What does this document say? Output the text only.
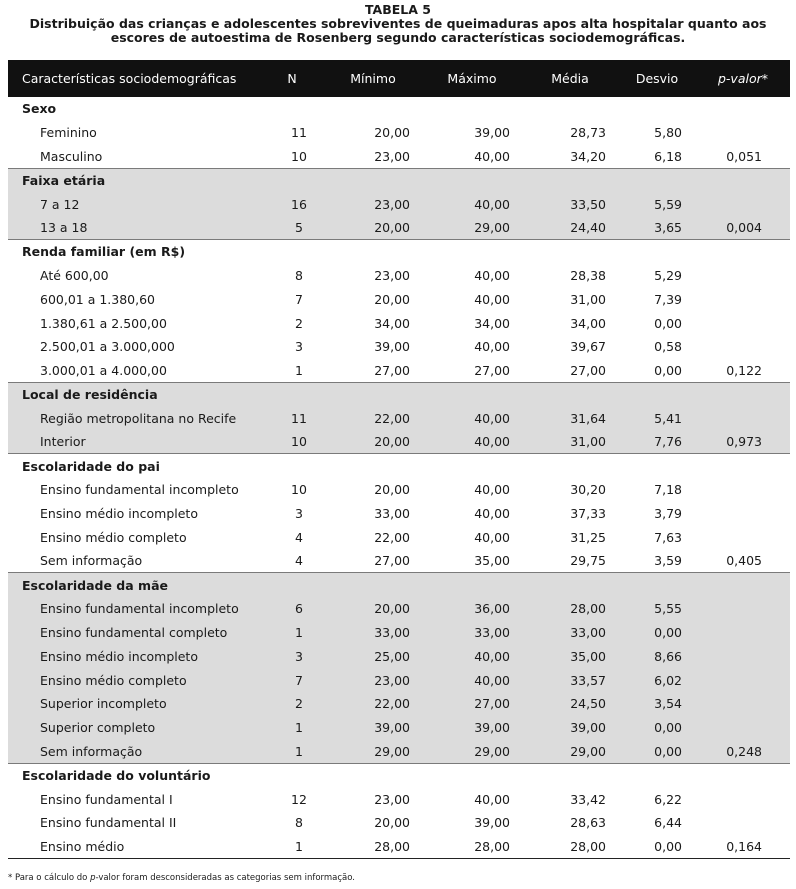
TABELA 5
Distribuição das crianças e adolescentes sobreviventes de queimaduras apos alta hospitalar quanto aos escores de autoestima de Rosenberg segundo características sociodemográficas.
Características sociodemográficas	N	Mínimo	Máximo	Média	Desvio	p-valor*
Sexo						
Feminino	11	20,00	39,00	28,73	5,80	
Masculino	10	23,00	40,00	34,20	6,18	0,051
Faixa etária						
7 a 12	16	23,00	40,00	33,50	5,59	
13 a 18	5	20,00	29,00	24,40	3,65	0,004
Renda familiar (em R$)						
Até 600,00	8	23,00	40,00	28,38	5,29	
600,01 a 1.380,60	7	20,00	40,00	31,00	7,39	
1.380,61 a 2.500,00	2	34,00	34,00	34,00	0,00	
2.500,01 a 3.000,000	3	39,00	40,00	39,67	0,58	
3.000,01 a 4.000,00	1	27,00	27,00	27,00	0,00	0,122
Local de residência						
Região metropolitana no Recife	11	22,00	40,00	31,64	5,41	
Interior	10	20,00	40,00	31,00	7,76	0,973
Escolaridade do pai						
Ensino fundamental incompleto	10	20,00	40,00	30,20	7,18	
Ensino médio incompleto	3	33,00	40,00	37,33	3,79	
Ensino médio completo	4	22,00	40,00	31,25	7,63	
Sem informação	4	27,00	35,00	29,75	3,59	0,405
Escolaridade da mãe						
Ensino fundamental incompleto	6	20,00	36,00	28,00	5,55	
Ensino fundamental completo	1	33,00	33,00	33,00	0,00	
Ensino médio incompleto	3	25,00	40,00	35,00	8,66	
Ensino médio completo	7	23,00	40,00	33,57	6,02	
Superior incompleto	2	22,00	27,00	24,50	3,54	
Superior completo	1	39,00	39,00	39,00	0,00	
Sem informação	1	29,00	29,00	29,00	0,00	0,248
Escolaridade do voluntário						
Ensino fundamental I	12	23,00	40,00	33,42	6,22	
Ensino fundamental II	8	20,00	39,00	28,63	6,44	
Ensino médio	1	28,00	28,00	28,00	0,00	0,164
* Para o cálculo do p-valor foram desconsideradas as categorias sem informação.
